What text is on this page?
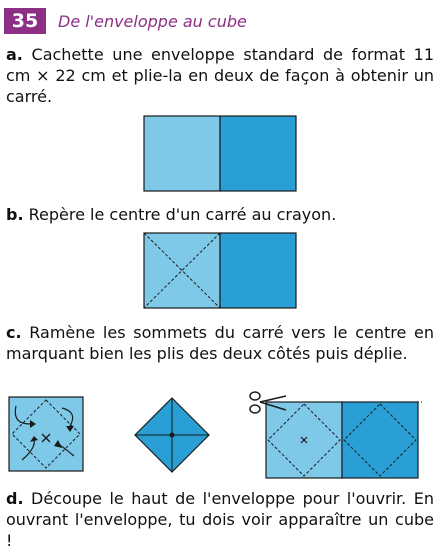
35	De l'enveloppe au cube
a. Cachette une enveloppe standard de format 11 cm × 22 cm et plie-la en deux de façon à obtenir un carré.
b. Repère le centre d'un carré au crayon.
c. Ramène les sommets du carré vers le centre en marquant bien les plis des deux côtés puis déplie.
d. Découpe le haut de l'enveloppe pour l'ouvrir. En ouvrant l'enveloppe, tu dois voir apparaître un cube !
